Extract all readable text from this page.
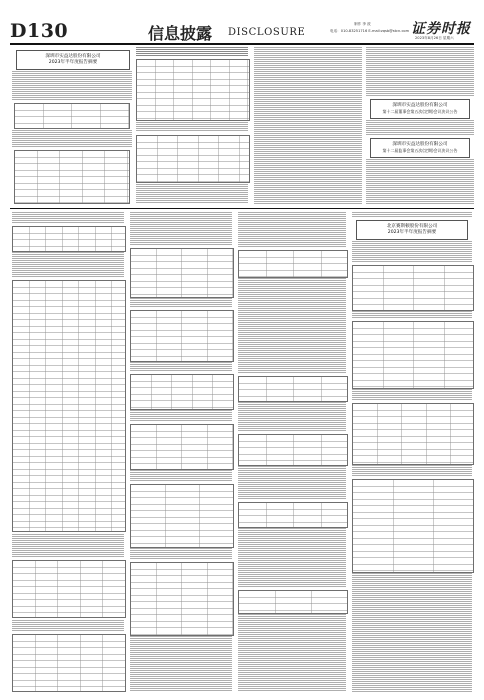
D130	信息披露 DISCLOSURE	证券时报
制作 李 波
电话：010-83251716 E-mail:zqsb@stcn.com
2023年8月26日 星期六
深圳市实益达股份有限公司
2023年半年度报告摘要
深圳市实益达股份有限公司
第十二届董事会第五次(定期)会议决议公告
深圳市实益达股份有限公司
第十二届监事会第五次(定期)会议决议公告
北京赛斯顿股份有限公司
2023年半年度报告摘要
